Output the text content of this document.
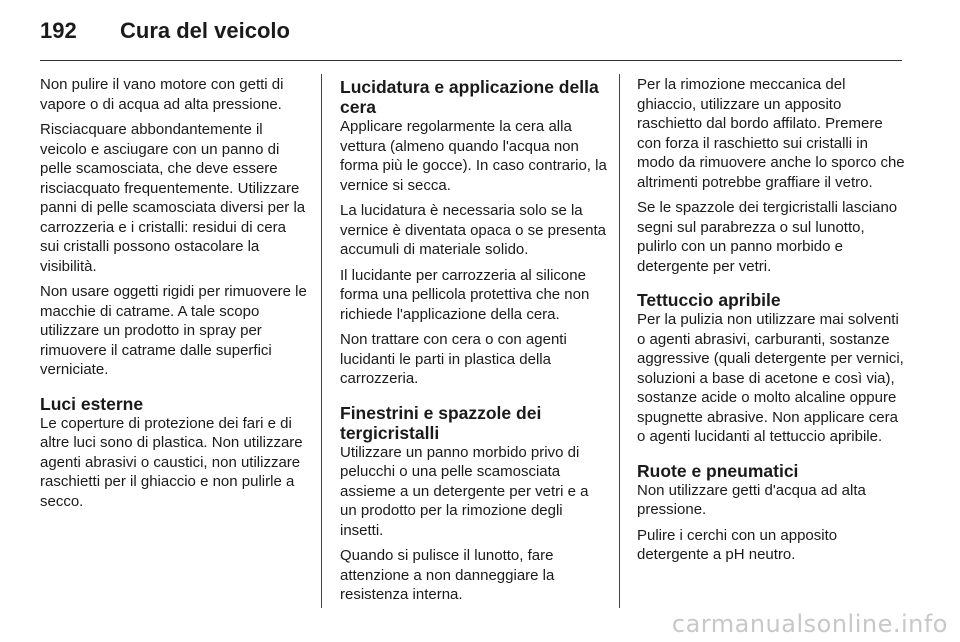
192 Cura del veicolo

Non pulire il vano motore con getti di vapore o di acqua ad alta pressione.

Risciacquare abbondantemente il veicolo e asciugare con un panno di pelle scamosciata, che deve essere risciacquato frequentemente. Utilizzare panni di pelle scamosciata diversi per la carrozzeria e i cristalli: residui di cera sui cristalli possono ostacolare la visibilità.

Non usare oggetti rigidi per rimuovere le macchie di catrame. A tale scopo utilizzare un prodotto in spray per rimuovere il catrame dalle superfici verniciate.

Luci esterne

Le coperture di protezione dei fari e di altre luci sono di plastica. Non utilizzare agenti abrasivi o caustici, non utilizzare raschietti per il ghiaccio e non pulirle a secco.

Lucidatura e applicazione della cera

Applicare regolarmente la cera alla vettura (almeno quando l'acqua non forma più le gocce). In caso contrario, la vernice si secca.

La lucidatura è necessaria solo se la vernice è diventata opaca o se presenta accumuli di materiale solido.

Il lucidante per carrozzeria al silicone forma una pellicola protettiva che non richiede l'applicazione della cera.

Non trattare con cera o con agenti lucidanti le parti in plastica della carrozzeria.

Finestrini e spazzole dei tergicristalli

Utilizzare un panno morbido privo di pelucchi o una pelle scamosciata assieme a un detergente per vetri e a un prodotto per la rimozione degli insetti.

Quando si pulisce il lunotto, fare attenzione a non danneggiare la resistenza interna.

Per la rimozione meccanica del ghiaccio, utilizzare un apposito raschietto dal bordo affilato. Premere con forza il raschietto sui cristalli in modo da rimuovere anche lo sporco che altrimenti potrebbe graffiare il vetro.

Se le spazzole dei tergicristalli lasciano segni sul parabrezza o sul lunotto, pulirlo con un panno morbido e detergente per vetri.

Tettuccio apribile

Per la pulizia non utilizzare mai solventi o agenti abrasivi, carburanti, sostanze aggressive (quali detergente per vernici, soluzioni a base di acetone e così via), sostanze acide o molto alcaline oppure spugnette abrasive. Non applicare cera o agenti lucidanti al tettuccio apribile.

Ruote e pneumatici

Non utilizzare getti d'acqua ad alta pressione.

Pulire i cerchi con un apposito detergente a pH neutro.

carmanualsonline.info
